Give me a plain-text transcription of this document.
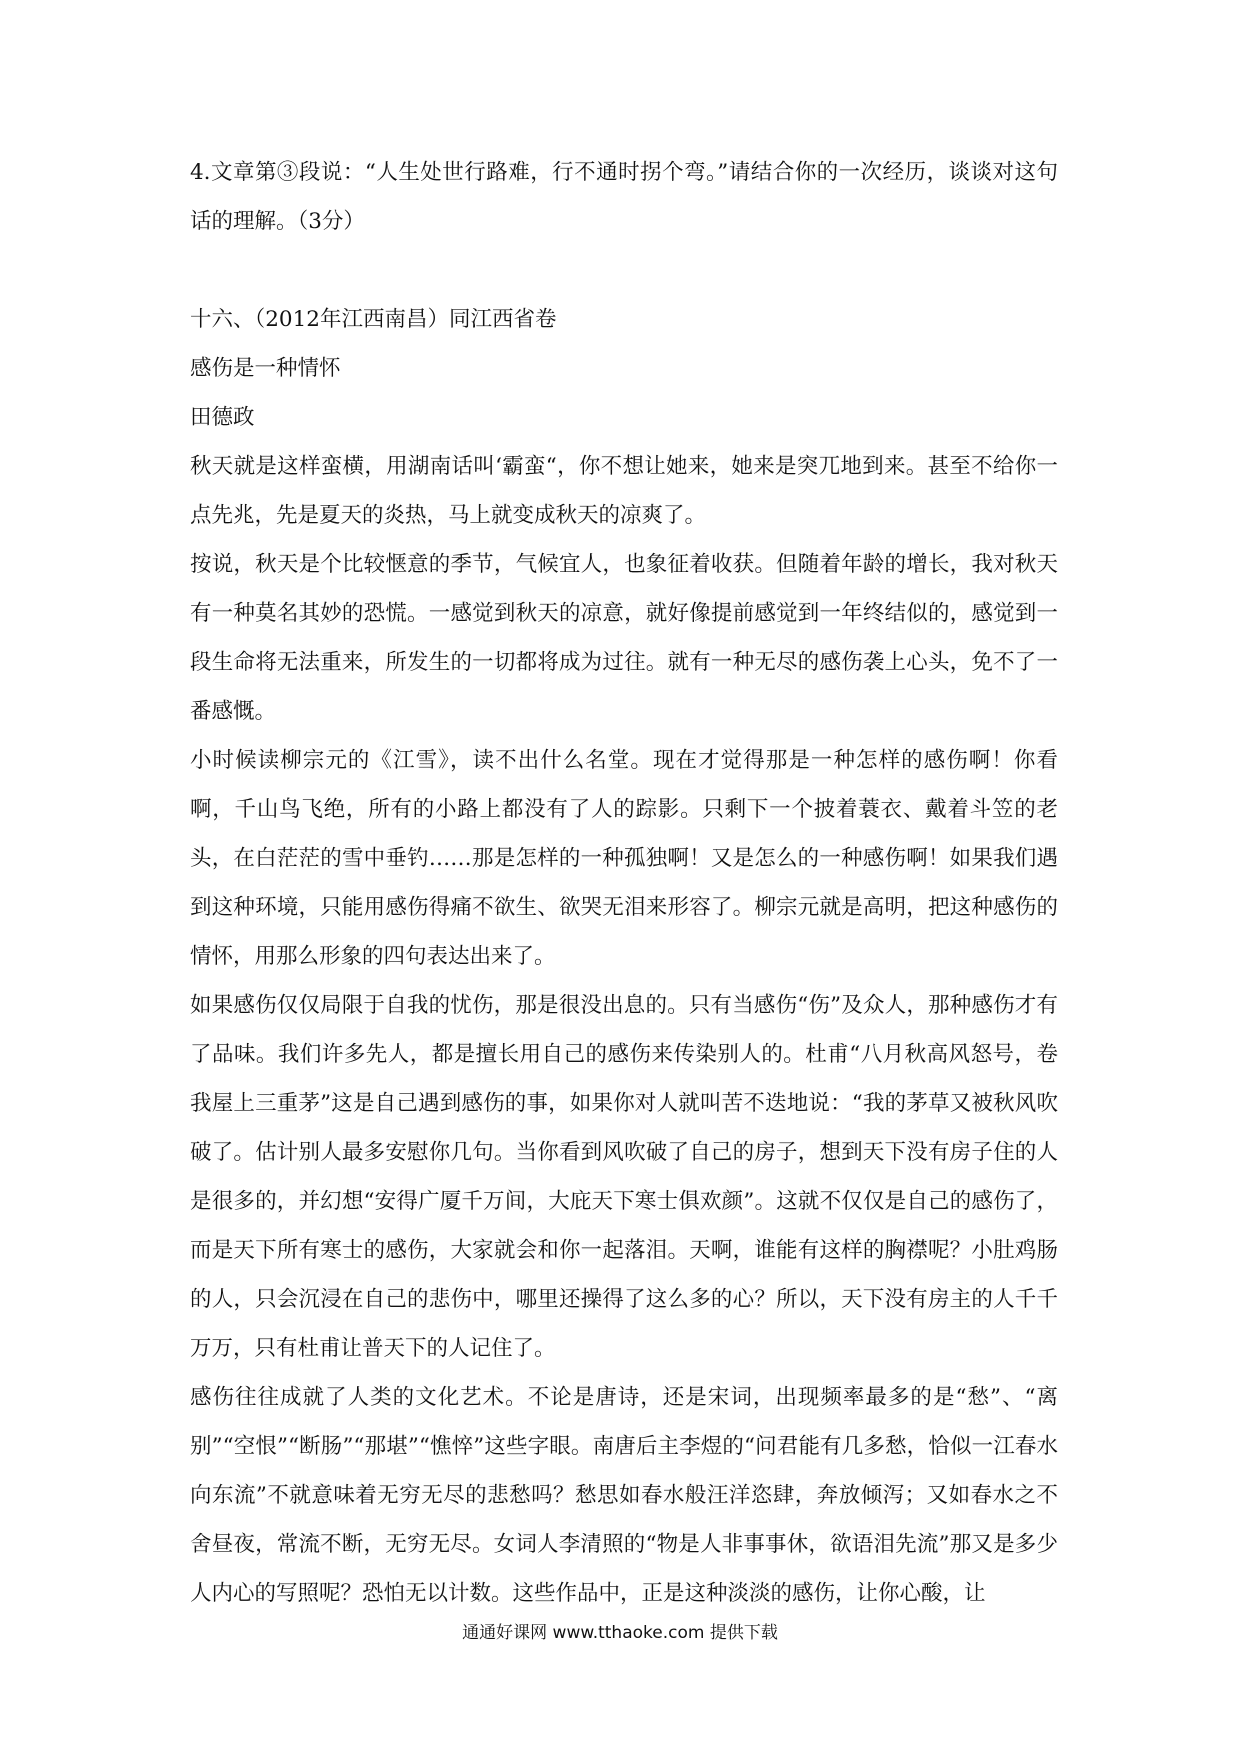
4.文章第③段说：“人生处世行路难，行不通时拐个弯。”请结合你的一次经历，谈谈对这句话的理解。（3分）

十六、（2012年江西南昌）同江西省卷

感伤是一种情怀

田德政

秋天就是这样蛮横，用湖南话叫‘霸蛮“，你不想让她来，她来是突兀地到来。甚至不给你一点先兆，先是夏天的炎热，马上就变成秋天的凉爽了。

按说，秋天是个比较惬意的季节，气候宜人，也象征着收获。但随着年龄的增长，我对秋天有一种莫名其妙的恐慌。一感觉到秋天的凉意，就好像提前感觉到一年终结似的，感觉到一段生命将无法重来，所发生的一切都将成为过往。就有一种无尽的感伤袭上心头，免不了一番感慨。

小时候读柳宗元的《江雪》，读不出什么名堂。现在才觉得那是一种怎样的感伤啊！你看啊，千山鸟飞绝，所有的小路上都没有了人的踪影。只剩下一个披着蓑衣、戴着斗笠的老头，在白茫茫的雪中垂钓……那是怎样的一种孤独啊！又是怎么的一种感伤啊！如果我们遇到这种环境，只能用感伤得痛不欲生、欲哭无泪来形容了。柳宗元就是高明，把这种感伤的情怀，用那么形象的四句表达出来了。

如果感伤仅仅局限于自我的忧伤，那是很没出息的。只有当感伤“伤”及众人，那种感伤才有了品味。我们许多先人，都是擅长用自己的感伤来传染别人的。杜甫“八月秋高风怒号，卷我屋上三重茅”这是自己遇到感伤的事，如果你对人就叫苦不迭地说：“我的茅草又被秋风吹破了。估计别人最多安慰你几句。当你看到风吹破了自己的房子，想到天下没有房子住的人是很多的，并幻想“安得广厦千万间，大庇天下寒士俱欢颜”。这就不仅仅是自己的感伤了，而是天下所有寒士的感伤，大家就会和你一起落泪。天啊，谁能有这样的胸襟呢？小肚鸡肠的人，只会沉浸在自己的悲伤中，哪里还操得了这么多的心？所以，天下没有房主的人千千万万，只有杜甫让普天下的人记住了。

感伤往往成就了人类的文化艺术。不论是唐诗，还是宋词，出现频率最多的是“愁”、“离别”“空恨”“断肠”“那堪”“憔悴”这些字眼。南唐后主李煜的“问君能有几多愁，恰似一江春水向东流”不就意味着无穷无尽的悲愁吗？愁思如春水般汪洋恣肆，奔放倾泻；又如春水之不舍昼夜，常流不断，无穷无尽。女词人李清照的“物是人非事事休，欲语泪先流”那又是多少人内心的写照呢？恐怕无以计数。这些作品中，正是这种淡淡的感伤，让你心酸，让

通通好课网 www.tthaoke.com 提供下载
